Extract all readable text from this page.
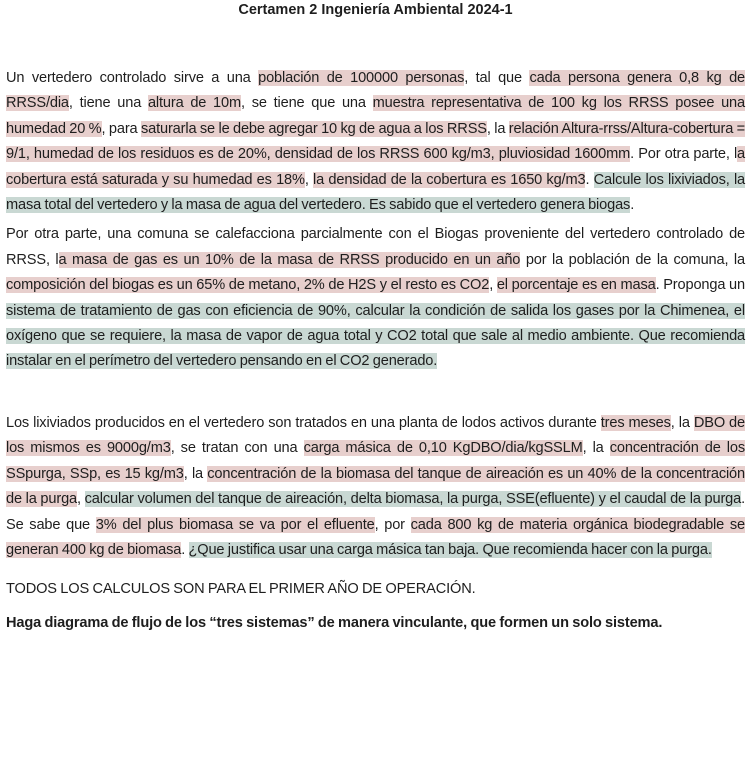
Certamen 2 Ingeniería Ambiental 2024-1

Un vertedero controlado sirve a una población de 100000 personas, tal que cada persona genera 0,8 kg de RRSS/dia, tiene una altura de 10m, se tiene que una muestra representativa de 100 kg los RRSS posee una humedad 20 %, para saturarla se le debe agregar 10 kg de agua a los RRSS, la relación Altura-rrss/Altura-cobertura = 9/1, humedad de los residuos es de 20%, densidad de los RRSS 600 kg/m3, pluviosidad 1600mm. Por otra parte, la cobertura está saturada y su humedad es 18%, la densidad de la cobertura es 1650 kg/m3. Calcule los lixiviados, la masa total del vertedero y la masa de agua del vertedero. Es sabido que el vertedero genera biogas.

Por otra parte, una comuna se calefacciona parcialmente con el Biogas proveniente del vertedero controlado de RRSS, la masa de gas es un 10% de la masa de RRSS producido en un año por la población de la comuna, la composición del biogas es un 65% de metano, 2% de H2S y el resto es CO2, el porcentaje es en masa. Proponga un sistema de tratamiento de gas con eficiencia de 90%, calcular la condición de salida los gases por la Chimenea, el oxígeno que se requiere, la masa de vapor de agua total y CO2 total que sale al medio ambiente. Que recomienda instalar en el perímetro del vertedero pensando en el CO2 generado.

Los lixiviados producidos en el vertedero son tratados en una planta de lodos activos durante tres meses, la DBO de los mismos es 9000g/m3, se tratan con una carga másica de 0,10 KgDBO/dia/kgSSLM, la concentración de los SSpurga, SSp, es 15 kg/m3, la concentración de la biomasa del tanque de aireación es un 40% de la concentración de la purga, calcular volumen del tanque de aireación, delta biomasa, la purga, SSE(efluente) y el caudal de la purga. Se sabe que 3% del plus biomasa se va por el efluente, por cada 800 kg de materia orgánica biodegradable se generan 400 kg de biomasa. ¿Que justifica usar una carga másica tan baja. Que recomienda hacer con la purga.

TODOS LOS CALCULOS SON PARA EL PRIMER AÑO DE OPERACIÓN.

Haga diagrama de flujo de los “tres sistemas” de manera vinculante, que formen un solo sistema.
